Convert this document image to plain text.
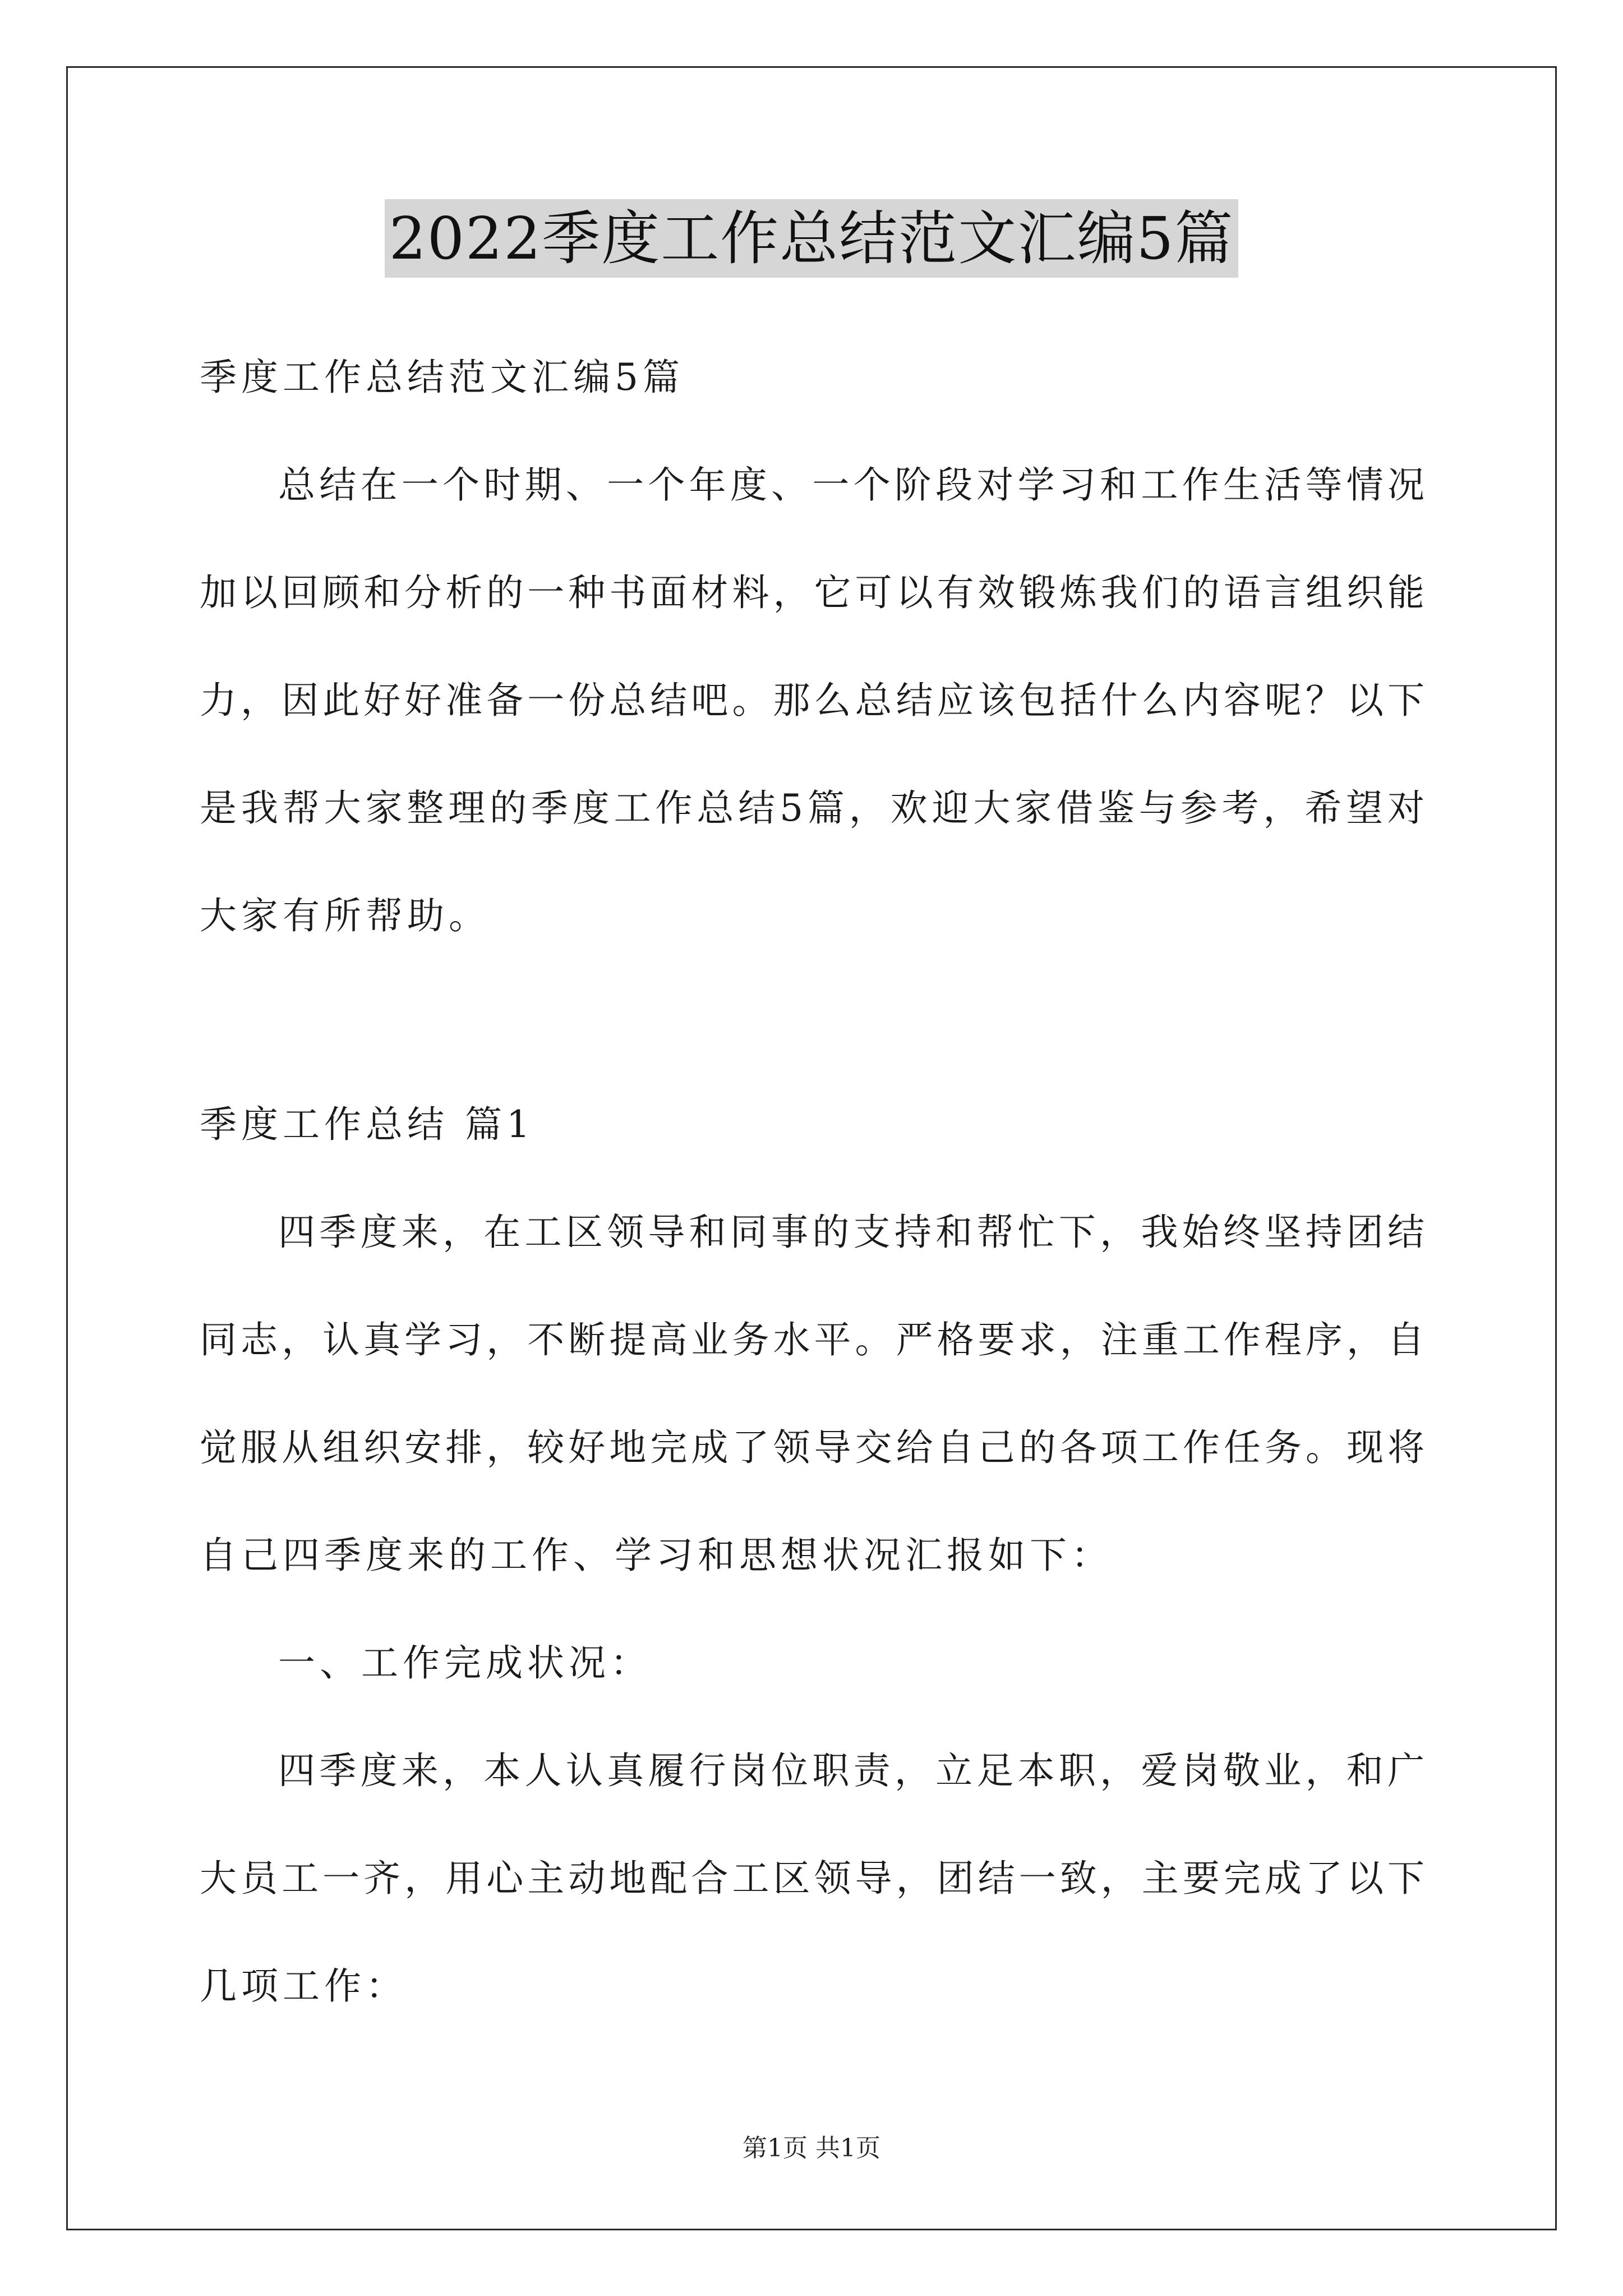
2022季度工作总结范文汇编5篇
季度工作总结范文汇编5篇
总结在一个时期、一个年度、一个阶段对学习和工作生活等情况
加以回顾和分析的一种书面材料，它可以有效锻炼我们的语言组织能
力，因此好好准备一份总结吧。那么总结应该包括什么内容呢？以下
是我帮大家整理的季度工作总结5篇，欢迎大家借鉴与参考，希望对
大家有所帮助。
季度工作总结 篇1
四季度来，在工区领导和同事的支持和帮忙下，我始终坚持团结
同志，认真学习，不断提高业务水平。严格要求，注重工作程序，自
觉服从组织安排，较好地完成了领导交给自己的各项工作任务。现将
自己四季度来的工作、学习和思想状况汇报如下：
一、工作完成状况：
四季度来，本人认真履行岗位职责，立足本职，爱岗敬业，和广
大员工一齐，用心主动地配合工区领导，团结一致，主要完成了以下
几项工作：
第1页 共1页
